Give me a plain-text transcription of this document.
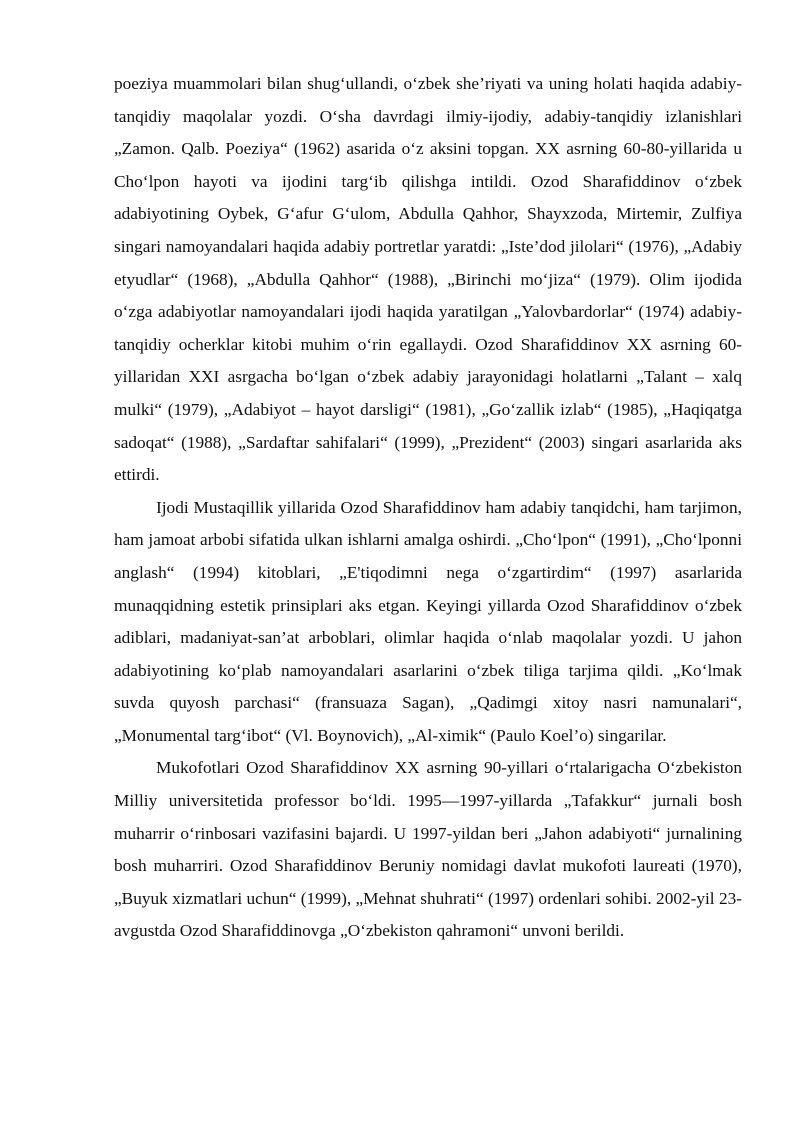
poeziya muammolari bilan shug‘ullandi, o‘zbek she’riyati va uning holati haqida adabiy-tanqidiy maqolalar yozdi. O‘sha davrdagi ilmiy-ijodiy, adabiy-tanqidiy izlanishlari „Zamon. Qalb. Poeziya“ (1962) asarida o‘z aksini topgan. XX asrning 60-80-yillarida u Cho‘lpon hayoti va ijodini targ‘ib qilishga intildi. Ozod Sharafiddinov o‘zbek adabiyotining Oybek, G‘afur G‘ulom, Abdulla Qahhor, Shayxzoda, Mirtemir, Zulfiya singari namoyandalari haqida adabiy portretlar yaratdi: „Iste’dod jilolari“ (1976), „Adabiy etyudlar“ (1968), „Abdulla Qahhor“ (1988), „Birinchi mo‘jiza“ (1979). Olim ijodida o‘zga adabiyotlar namoyandalari ijodi haqida yaratilgan „Yalovbardorlar“ (1974) adabiy-tanqidiy ocherklar kitobi muhim o‘rin egallaydi. Ozod Sharafiddinov XX asrning 60-yillaridan XXI asrgacha bo‘lgan o‘zbek adabiy jarayonidagi holatlarni „Talant – xalq mulki“ (1979), „Adabiyot – hayot darsligi“ (1981), „Go‘zallik izlab“ (1985), „Haqiqatga sadoqat“ (1988), „Sardaftar sahifalari“ (1999), „Prezident“ (2003) singari asarlarida aks ettirdi.

Ijodi Mustaqillik yillarida Ozod Sharafiddinov ham adabiy tanqidchi, ham tarjimon, ham jamoat arbobi sifatida ulkan ishlarni amalga oshirdi. „Cho‘lpon“ (1991), „Cho‘lponni anglash“ (1994) kitoblari, „E'tiqodimni nega o‘zgartirdim“ (1997) asarlarida munaqqidning estetik prinsiplari aks etgan. Keyingi yillarda Ozod Sharafiddinov o‘zbek adiblari, madaniyat-san’at arboblari, olimlar haqida o‘nlab maqolalar yozdi. U jahon adabiyotining ko‘plab namoyandalari asarlarini o‘zbek tiliga tarjima qildi. „Ko‘lmak suvda quyosh parchasi“ (fransuaza Sagan), „Qadimgi xitoy nasri namunalari“, „Monumental targ‘ibot“ (Vl. Boynovich), „Al-ximik“ (Paulo Koel’o) singarilar.

Mukofotlari Ozod Sharafiddinov XX asrning 90-yillari o‘rtalarigacha O‘zbekiston Milliy universitetida professor bo‘ldi. 1995—1997-yillarda „Tafakkur“ jurnali bosh muharrir o‘rinbosari vazifasini bajardi. U 1997-yildan beri „Jahon adabiyoti“ jurnalining bosh muharriri. Ozod Sharafiddinov Beruniy nomidagi davlat mukofoti laureati (1970), „Buyuk xizmatlari uchun“ (1999), „Mehnat shuhrati“ (1997) ordenlari sohibi. 2002-yil 23-avgustda Ozod Sharafiddinovga „O‘zbekiston qahramoni“ unvoni berildi.
